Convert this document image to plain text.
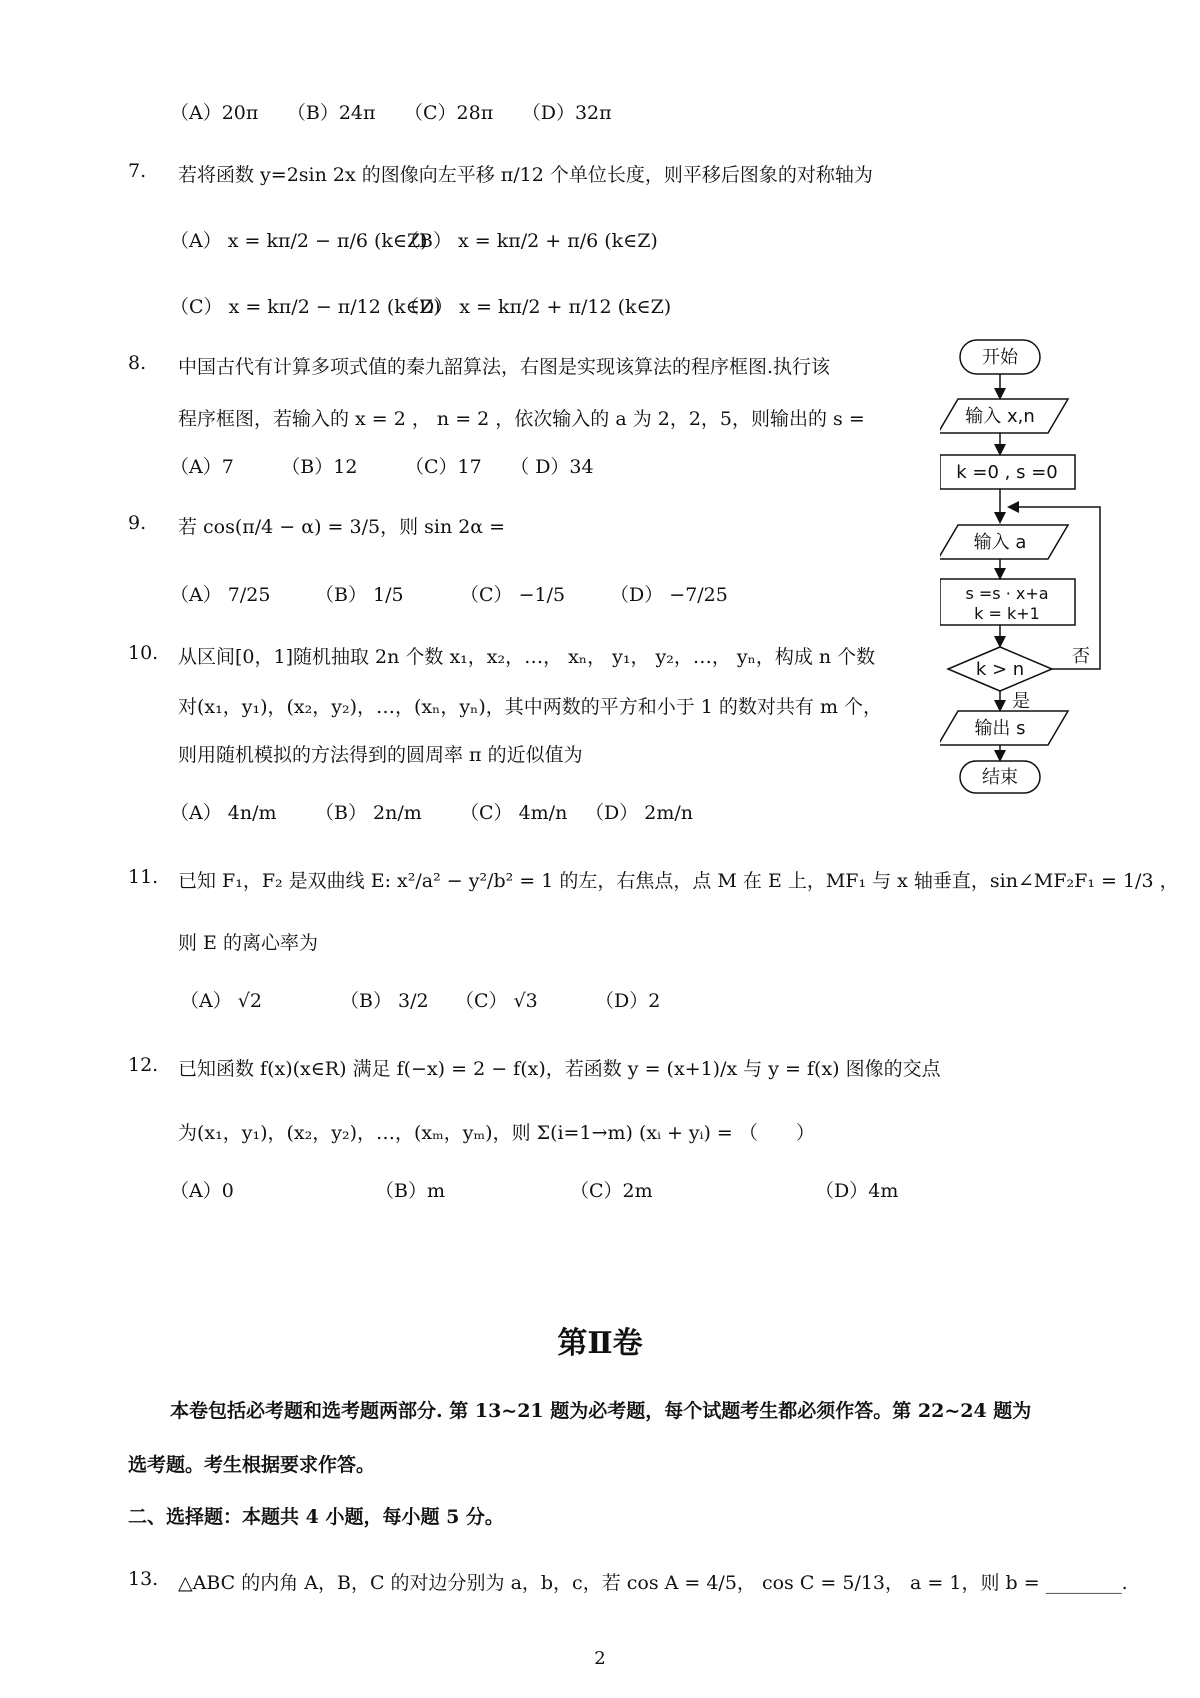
（A）20π　　（B）24π　　（C）28π　　（D）32π
7. 若将函数 y=2sin 2x 的图像向左平移 π/12 个单位长度，则平移后图象的对称轴为
（A） x = kπ/2 − π/6 (k∈Z)
（B） x = kπ/2 + π/6 (k∈Z)
（C） x = kπ/2 − π/12 (k∈Z)
（D） x = kπ/2 + π/12 (k∈Z)
8. 中国古代有计算多项式值的秦九韶算法，右图是实现该算法的程序框图.执行该
程序框图，若输入的 x = 2 ， n = 2 ，依次输入的 a 为 2，2，5，则输出的 s =
（A）7　　　（B）12　　　（C）17　　（ D）34
9. 若 cos(π/4 − α) = 3/5，则 sin 2α =
（A） 7/25 （B） 1/5	（C） −1/5 （D） −7/25
10. 从区间[0，1]随机抽取 2n 个数 x₁，x₂，…， xₙ， y₁， y₂，…， yₙ，构成 n 个数
对(x₁，y₁)，(x₂，y₂)，…，(xₙ，yₙ)，其中两数的平方和小于 1 的数对共有 m 个，
则用随机模拟的方法得到的圆周率 π 的近似值为
（A） 4n/m （B） 2n/m （C） 4m/n （D） 2m/n
11. 已知 F₁，F₂ 是双曲线 E: x²/a² − y²/b² = 1 的左，右焦点，点 M 在 E 上，MF₁ 与 x 轴垂直，sin∠MF₂F₁ = 1/3 ，
则 E 的离心率为
（A） √2	（B） 3/2 （C） √3	（D）2
12. 已知函数 f(x)(x∈R) 满足 f(−x) = 2 − f(x)，若函数 y = (x+1)/x 与 y = f(x) 图像的交点
为(x₁，y₁)，(x₂，y₂)，…，(xₘ，yₘ)，则 Σ(i=1→m) (xᵢ + yᵢ) = （　　）
（A）0	（B）m	（C）2m	（D）4m
第Ⅱ卷
本卷包括必考题和选考题两部分. 第 13~21 题为必考题，每个试题考生都必须作答。第 22~24 题为
选考题。考生根据要求作答。
二、选择题：本题共 4 小题，每小题 5 分。
13. △ABC 的内角 A，B，C 的对边分别为 a，b，c，若 cos A = 4/5， cos C = 5/13， a = 1，则 b = ________.
开始
输入 x,n
k =0 , s =0
输入 a
s =s · x+a
k = k+1
k > n
否
是
输出 s
结束
2
